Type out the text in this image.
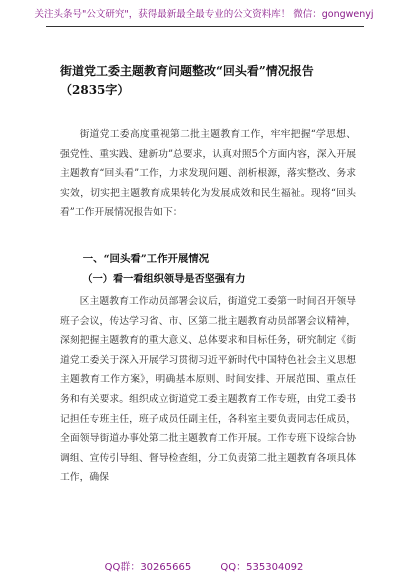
关注头条号"公文研究"，获得最新最全最专业的公文资料库！ 微信：gongwenyj
街道党工委主题教育问题整改“回头看”情况报告（2835字）
街道党工委高度重视第二批主题教育工作，牢牢把握“学思想、强党性、重实践、建新功”总要求，认真对照5个方面内容，深入开展主题教育“回头看”工作，力求发现问题、剖析根源，落实整改、务求实效，切实把主题教育成果转化为发展成效和民生福祉。现将“回头看”工作开展情况报告如下：
一、“回头看”工作开展情况
（一）看一看组织领导是否坚强有力
区主题教育工作动员部署会议后，街道党工委第一时间召开领导班子会议，传达学习省、市、区第二批主题教育动员部署会议精神，深刻把握主题教育的重大意义、总体要求和目标任务，研究制定《街道党工委关于深入开展学习贯彻习近平新时代中国特色社会主义思想主题教育工作方案》，明确基本原则、时间安排、开展范围、重点任务和有关要求。组织成立街道党工委主题教育工作专班，由党工委书记担任专班主任，班子成员任副主任，各科室主要负责同志任成员，全面领导街道办事处第二批主题教育工作开展。工作专班下设综合协调组、宣传引导组、督导检查组，分工负责第二批主题教育各项具体工作，确保
QQ群：30265665	QQ：535304092
